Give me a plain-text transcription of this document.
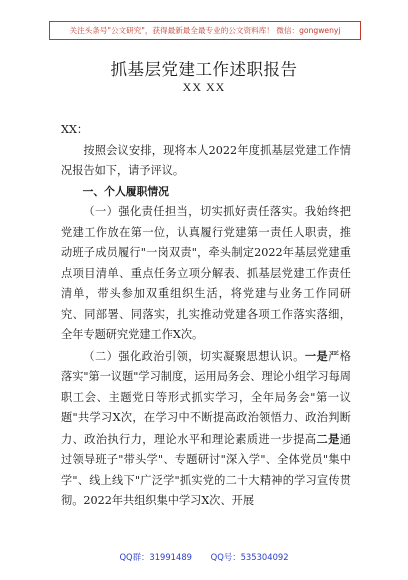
关注头条号"公文研究"，获得最新最全最专业的公文资料库！ 微信：gongwenyj
抓基层党建工作述职报告
XX XX

XX：

按照会议安排，现将本人2022年度抓基层党建工作情况报告如下，请予评议。

一、个人履职情况

（一）强化责任担当，切实抓好责任落实。我始终把党建工作放在第一位，认真履行党建第一责任人职责，推动班子成员履行"一岗双责"，牵头制定2022年基层党建重点项目清单、重点任务立项分解表、抓基层党建工作责任清单，带头参加双重组织生活，将党建与业务工作同研究、同部署、同落实，扎实推动党建各项工作落实落细，全年专题研究党建工作X次。

（二）强化政治引领，切实凝聚思想认识。一是严格落实"第一议题"学习制度，运用局务会、理论小组学习每周职工会、主题党日等形式抓实学习，全年局务会"第一议题"共学习X次，在学习中不断提高政治领悟力、政治判断力、政治执行力，理论水平和理论素质进一步提高二是通过领导班子"带头学"、专题研讨"深入学"、全体党员"集中学"、线上线下"广泛学"抓实党的二十大精神的学习宣传贯彻。2022年共组织集中学习X次、开展

QQ群：31991489 QQ号：535304092
